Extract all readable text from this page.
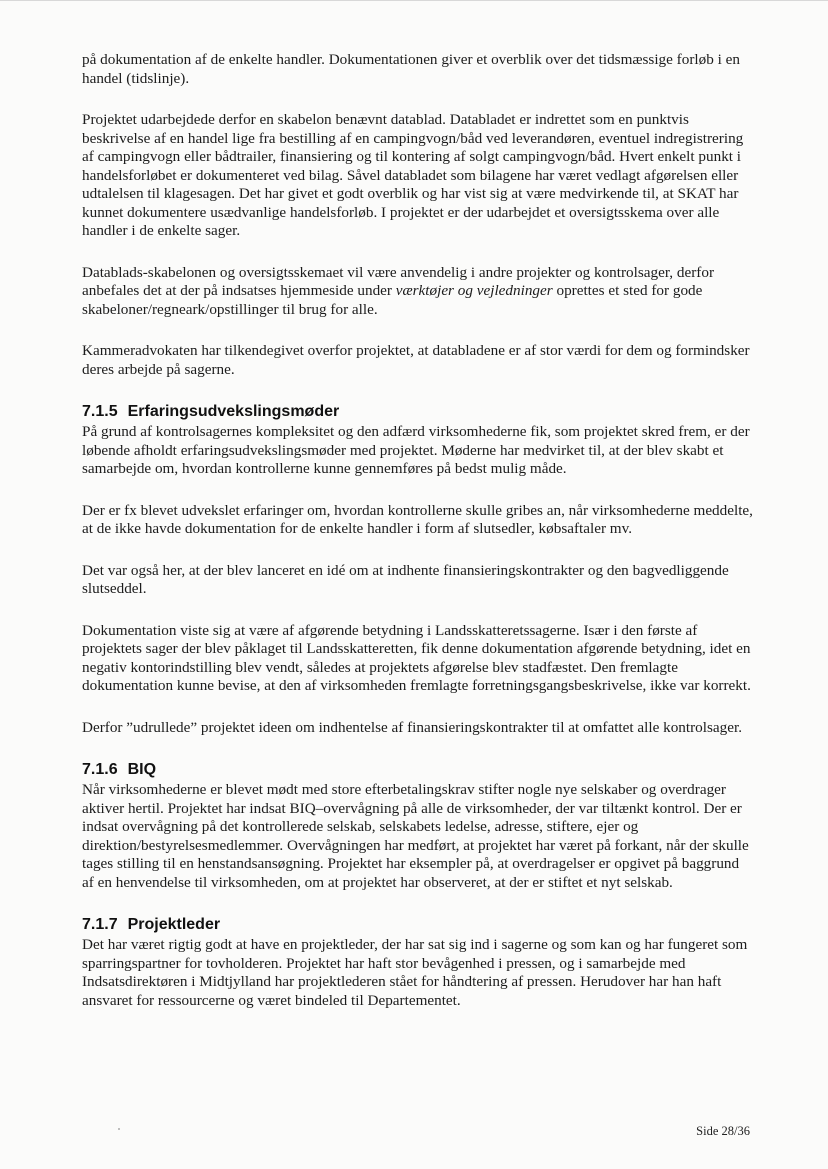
på dokumentation af de enkelte handler. Dokumentationen giver et overblik over det tidsmæssige forløb i en handel (tidslinje).

Projektet udarbejdede derfor en skabelon benævnt datablad. Databladet er indrettet som en punktvis beskrivelse af en handel lige fra bestilling af en campingvogn/båd ved leverandøren, eventuel indregistrering af campingvogn eller bådtrailer, finansiering og til kontering af solgt campingvogn/båd. Hvert enkelt punkt i handelsforløbet er dokumenteret ved bilag. Såvel databladet som bilagene har været vedlagt afgørelsen eller udtalelsen til klagesagen. Det har givet et godt overblik og har vist sig at være medvirkende til, at SKAT har kunnet dokumentere usædvanlige handelsforløb. I projektet er der udarbejdet et oversigtsskema over alle handler i de enkelte sager.

Datablads-skabelonen og oversigtsskemaet vil være anvendelig i andre projekter og kontrolsager, derfor anbefales det at der på indsatses hjemmeside under værktøjer og vejledninger oprettes et sted for gode skabeloner/regneark/opstillinger til brug for alle.

Kammeradvokaten har tilkendegivet overfor projektet, at databladene er af stor værdi for dem og formindsker deres arbejde på sagerne.

7.1.5 Erfaringsudvekslingsmøder

På grund af kontrolsagernes kompleksitet og den adfærd virksomhederne fik, som projektet skred frem, er der løbende afholdt erfaringsudvekslingsmøder med projektet. Møderne har medvirket til, at der blev skabt et samarbejde om, hvordan kontrollerne kunne gennemføres på bedst mulig måde.

Der er fx blevet udvekslet erfaringer om, hvordan kontrollerne skulle gribes an, når virksomhederne meddelte, at de ikke havde dokumentation for de enkelte handler i form af slutsedler, købsaftaler mv.

Det var også her, at der blev lanceret en idé om at indhente finansieringskontrakter og den bagvedliggende slutseddel.

Dokumentation viste sig at være af afgørende betydning i Landsskatteretssagerne. Især i den første af projektets sager der blev påklaget til Landsskatteretten, fik denne dokumentation afgørende betydning, idet en negativ kontorindstilling blev vendt, således at projektets afgørelse blev stadfæstet. Den fremlagte dokumentation kunne bevise, at den af virksomheden fremlagte forretningsgangsbeskrivelse, ikke var korrekt.

Derfor ”udrullede” projektet ideen om indhentelse af finansieringskontrakter til at omfattet alle kontrolsager.

7.1.6 BIQ

Når virksomhederne er blevet mødt med store efterbetalingskrav stifter nogle nye selskaber og overdrager aktiver hertil. Projektet har indsat BIQ–overvågning på alle de virksomheder, der var tiltænkt kontrol. Der er indsat overvågning på det kontrollerede selskab, selskabets ledelse, adresse, stiftere, ejer og direktion/bestyrelsesmedlemmer. Overvågningen har medført, at projektet har været på forkant, når der skulle tages stilling til en henstandsansøgning. Projektet har eksempler på, at overdragelser er opgivet på baggrund af en henvendelse til virksomheden, om at projektet har observeret, at der er stiftet et nyt selskab.

7.1.7 Projektleder

Det har været rigtig godt at have en projektleder, der har sat sig ind i sagerne og som kan og har fungeret som sparringspartner for tovholderen. Projektet har haft stor bevågenhed i pressen, og i samarbejde med Indsatsdirektøren i Midtjylland har projektlederen stået for håndtering af pressen. Herudover har han haft ansvaret for ressourcerne og været bindeled til Departementet.

Side 28/36
